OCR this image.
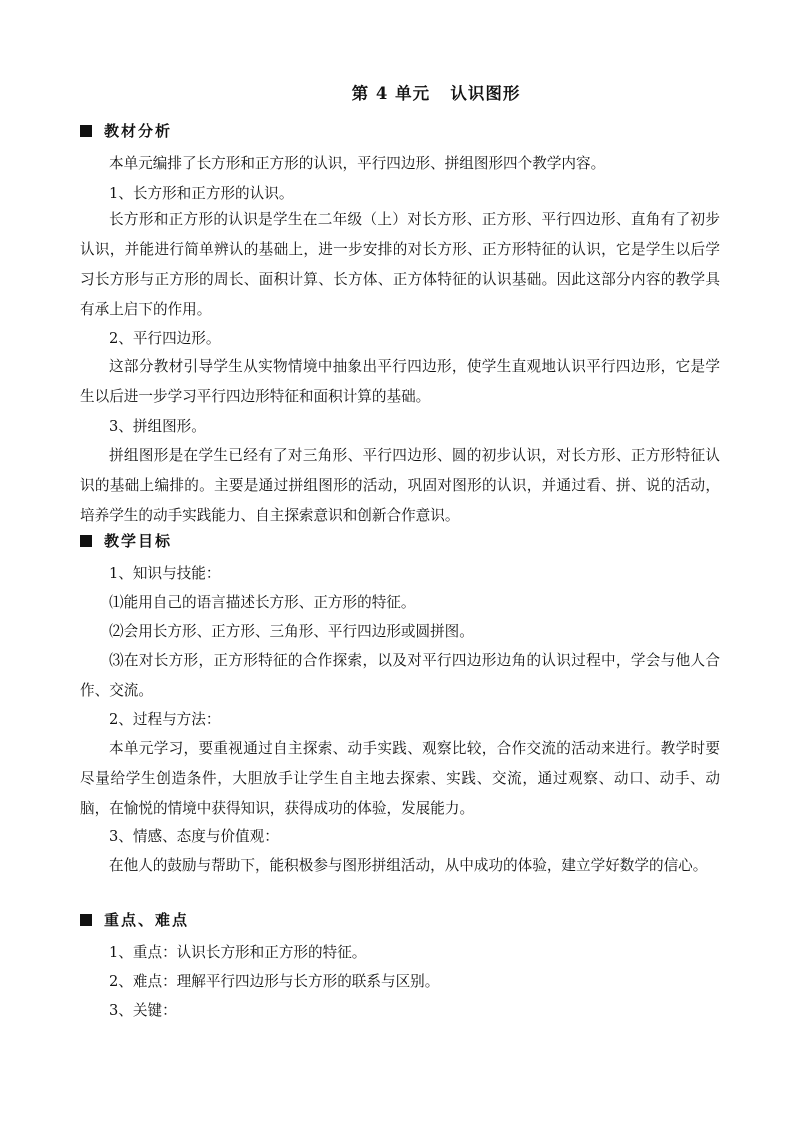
第 4 单元   认识图形
教材分析
本单元编排了长方形和正方形的认识，平行四边形、拼组图形四个教学内容。
1、长方形和正方形的认识。
长方形和正方形的认识是学生在二年级（上）对长方形、正方形、平行四边形、直角有了初步认识，并能进行简单辨认的基础上，进一步安排的对长方形、正方形特征的认识，它是学生以后学习长方形与正方形的周长、面积计算、长方体、正方体特征的认识基础。因此这部分内容的教学具有承上启下的作用。
2、平行四边形。
这部分教材引导学生从实物情境中抽象出平行四边形，使学生直观地认识平行四边形，它是学生以后进一步学习平行四边形特征和面积计算的基础。
3、拼组图形。
拼组图形是在学生已经有了对三角形、平行四边形、圆的初步认识，对长方形、正方形特征认识的基础上编排的。主要是通过拼组图形的活动，巩固对图形的认识，并通过看、拼、说的活动，培养学生的动手实践能力、自主探索意识和创新合作意识。
教学目标
1、知识与技能：
⑴能用自己的语言描述长方形、正方形的特征。
⑵会用长方形、正方形、三角形、平行四边形或圆拼图。
⑶在对长方形，正方形特征的合作探索，以及对平行四边形边角的认识过程中，学会与他人合作、交流。
2、过程与方法：
本单元学习，要重视通过自主探索、动手实践、观察比较，合作交流的活动来进行。教学时要尽量给学生创造条件，大胆放手让学生自主地去探索、实践、交流，通过观察、动口、动手、动脑，在愉悦的情境中获得知识，获得成功的体验，发展能力。
3、情感、态度与价值观：
在他人的鼓励与帮助下，能积极参与图形拼组活动，从中成功的体验，建立学好数学的信心。
重点、难点
1、重点：认识长方形和正方形的特征。
2、难点：理解平行四边形与长方形的联系与区别。
3、关键：
